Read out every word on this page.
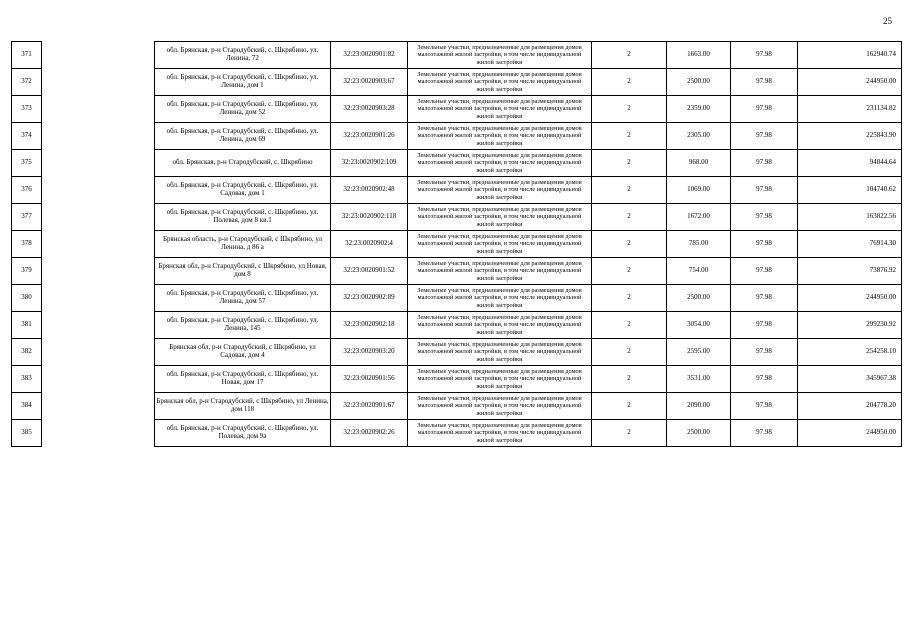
25
371		обл. Брянская, р-н Стародубский, с. Шкрябино, ул. Ленина, 72	32:23:0020901:82	Земельные участки, предназначенные для размещения домов малоэтажной жилой застройки, в том числе индивидуальной жилой застройки	2	1663.00	97.98	162940.74
372		обл. Брянская, р-н Стародубский, с. Шкрябино, ул. Ленина, дом 1	32:23:0020903:67	Земельные участки, предназначенные для размещения домов малоэтажной жилой застройки, в том числе индивидуальной жилой застройки	2	2500.00	97.98	244950.00
373		обл. Брянская, р-н Стародубский, с. Шкрябино, ул. Ленина, дом 52	32:23:0020903:28	Земельные участки, предназначенные для размещения домов малоэтажной жилой застройки, в том числе индивидуальной жилой застройки	2	2359.00	97.98	231134.82
374		обл. Брянская, р-н Стародубский, с. Шкрябино, ул. Ленина, дом 69	32:23:0020901:26	Земельные участки, предназначенные для размещения домов малоэтажной жилой застройки, в том числе индивидуальной жилой застройки	2	2305.00	97.98	225843.90
375		обл. Брянская, р-н Стародубский, с. Шкрябино	32:23:0020902:109	Земельные участки, предназначенные для размещения домов малоэтажной жилой застройки, в том числе индивидуальной жилой застройки	2	968.00	97.98	94844.64
376		обл. Брянская, р-н Стародубский, с. Шкрябино, ул. Садовая, дом 1	32:23:0020902:48	Земельные участки, предназначенные для размещения домов малоэтажной жилой застройки, в том числе индивидуальной жилой застройки	2	1069.00	97.98	104740.62
377		обл. Брянская, р-н Стародубский, с. Шкрябино, ул. Полевая, дом 8 кв.1	32:23:0020902:118	Земельные участки, предназначенные для размещения домов малоэтажной жилой застройки, в том числе индивидуальной жилой застройки	2	1672.00	97.98	163822.56
378		Брянская область, р-н Стародубский, с Шкрябино, ул Ленина, д 86 а	32:23:0020902:4	Земельные участки, предназначенные для размещения домов малоэтажной жилой застройки, в том числе индивидуальной жилой застройки	2	785.00	97.98	76914.30
379		Брянская обл, р-н Стародубский, с Шкрябино, ул Новая, дом 8	32:23:0020901:52	Земельные участки, предназначенные для размещения домов малоэтажной жилой застройки, в том числе индивидуальной жилой застройки	2	754.00	97.98	73876.92
380		обл. Брянская, р-н Стародубский, с. Шкрябино, ул. Ленина, дом 57	32:23:0020902:89	Земельные участки, предназначенные для размещения домов малоэтажной жилой застройки, в том числе индивидуальной жилой застройки	2	2500.00	97.98	244950.00
381		обл. Брянская, р-н Стародубский, с. Шкрябино, ул. Ленина, 145	32:23:0020902:18	Земельные участки, предназначенные для размещения домов малоэтажной жилой застройки, в том числе индивидуальной жилой застройки	2	3054.00	97.98	299230.92
382		Брянская обл, р-н Стародубский, с Шкрябино, ул Садовая, дом 4	32:23:0020903:20	Земельные участки, предназначенные для размещения домов малоэтажной жилой застройки, в том числе индивидуальной жилой застройки	2	2595.00	97.98	254258.10
383		обл. Брянская, р-н Стародубский, с. Шкрябино, ул. Новая, дом 17	32:23:0020901:56	Земельные участки, предназначенные для размещения домов малоэтажной жилой застройки, в том числе индивидуальной жилой застройки	2	3531.00	97.98	345967.38
384		Брянская обл, р-н Стародубский, с Шкрябино, ул Ленина, дом 118	32:23:0020901:67	Земельные участки, предназначенные для размещения домов малоэтажной жилой застройки, в том числе индивидуальной жилой застройки	2	2090.00	97.98	204778.20
385		обл. Брянская, р-н Стародубский, с. Шкрябино, ул. Полевая, дом 9а	32:23:0020902:26	Земельные участки, предназначенные для размещения домов малоэтажной жилой застройки, в том числе индивидуальной жилой застройки	2	2500.00	97.98	244950.00
